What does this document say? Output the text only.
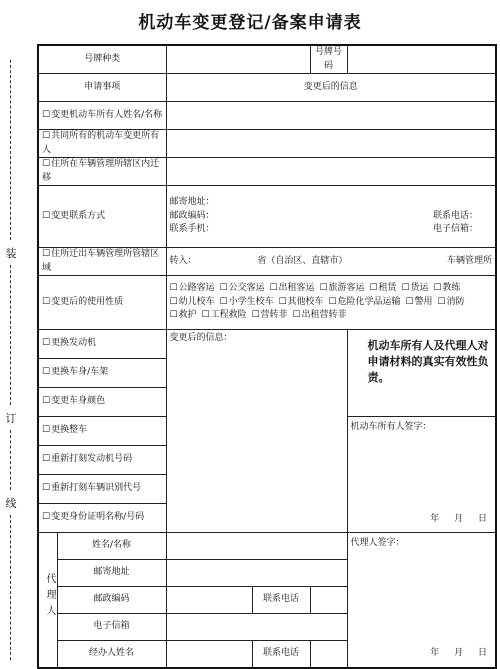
机动车变更登记/备案申请表
装
订
线
号牌种类				号牌号码	
申请事项		变更后的信息			
☐ 变更机动车所有人姓名/名称	
☐ 共同所有的机动车变更所有人	
☐ 住所在车辆管理所辖区内迁移	
☐ 变更联系方式		邮寄地址：
邮政编码： 联系电话：
联系手机： 电子信箱：			

☐ 住所迁出车辆管理所管辖区域		转入： 省（自治区、直辖市） 车辆管理所			

☐ 变更后的使用性质		☐ 公路客运 ☐ 公交客运 ☐ 出租客运 ☐ 旅游客运 ☐ 租赁 ☐ 货运 ☐ 教练
☐ 幼儿校车 ☐ 小学生校车 ☐ 其他校车 ☐ 危险化学品运输 ☐ 警用 ☐ 消防
☐ 救护 ☐ 工程救险 ☐ 营转非 ☐ 出租营转非

☐ 更换发动机		变更后的信息：			机动车所有人及代理人对申请材料的真实有效性负责。

☐ 更换车身/车架
☐ 变更车身颜色
☐ 更换整车					机动车所有人签字：
年 月 日

☐ 重新打刻发动机号码
☐ 重新打刻车辆识别代号
☐ 变更身份证明名称/号码
代理人	姓名/名称				代理人签字：
年 月 日

	邮寄地址				
	邮政编码		联系电话		
	电子信箱				
	经办人姓名		联系电话		
